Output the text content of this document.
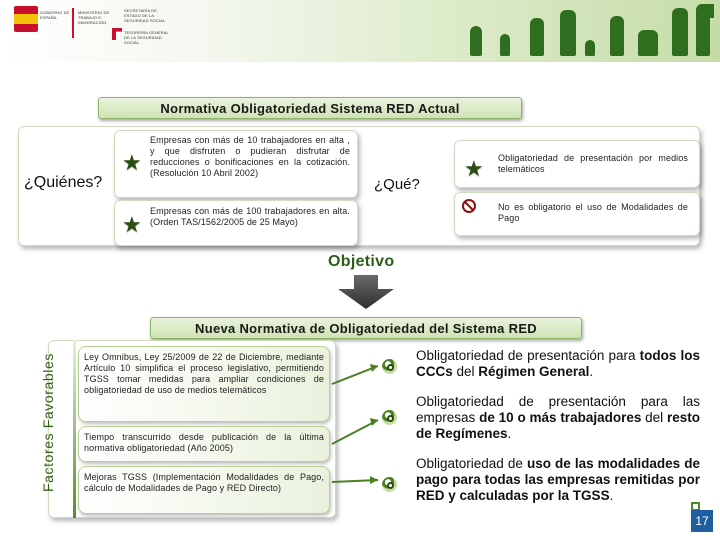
GOBIERNO DE ESPAÑA
MINISTERIO DE TRABAJO E INMIGRACIÓN
SECRETARÍA DE ESTADO DE LA SEGURIDAD SOCIAL
TESORERÍA GENERAL DE LA SEGURIDAD SOCIAL
Normativa Obligatoriedad Sistema RED Actual
¿Quiénes?
★
Empresas con más de 10 trabajadores en alta , y que disfruten o pudieran disfrutar de reducciones o bonificaciones en la cotización. (Resolución 10 Abril 2002)
★
Empresas con más de 100 trabajadores en alta. (Orden TAS/1562/2005 de 25 Mayo)
¿Qué?
★ Obligatoriedad de presentación por medios telemáticos
No es obligatorio el uso de Modalidades de Pago
Objetivo
Nueva Normativa de Obligatoriedad del Sistema RED
Factores Favorables	Ley Omnibus, Ley 25/2009 de 22 de Diciembre, mediante Artículo 10 simplifica el proceso legislativo, permitiendo TGSS tomar medidas para ampliar condiciones de obligatoriedad de uso de medios telemáticos
Tiempo transcurrido desde publicación de la última normativa obligatoriedad (Año 2005)
Mejoras TGSS (Implementación Modalidades de Pago, cálculo de Modalidades de Pago y RED Directo)
Obligatoriedad de presentación para todos los CCCs del Régimen General.
Obligatoriedad de presentación para las empresas de 10 o más trabajadores del resto de Regímenes.
Obligatoriedad de uso de las modalidades de pago para todas las empresas remitidas por RED y calculadas por la TGSS.
17
